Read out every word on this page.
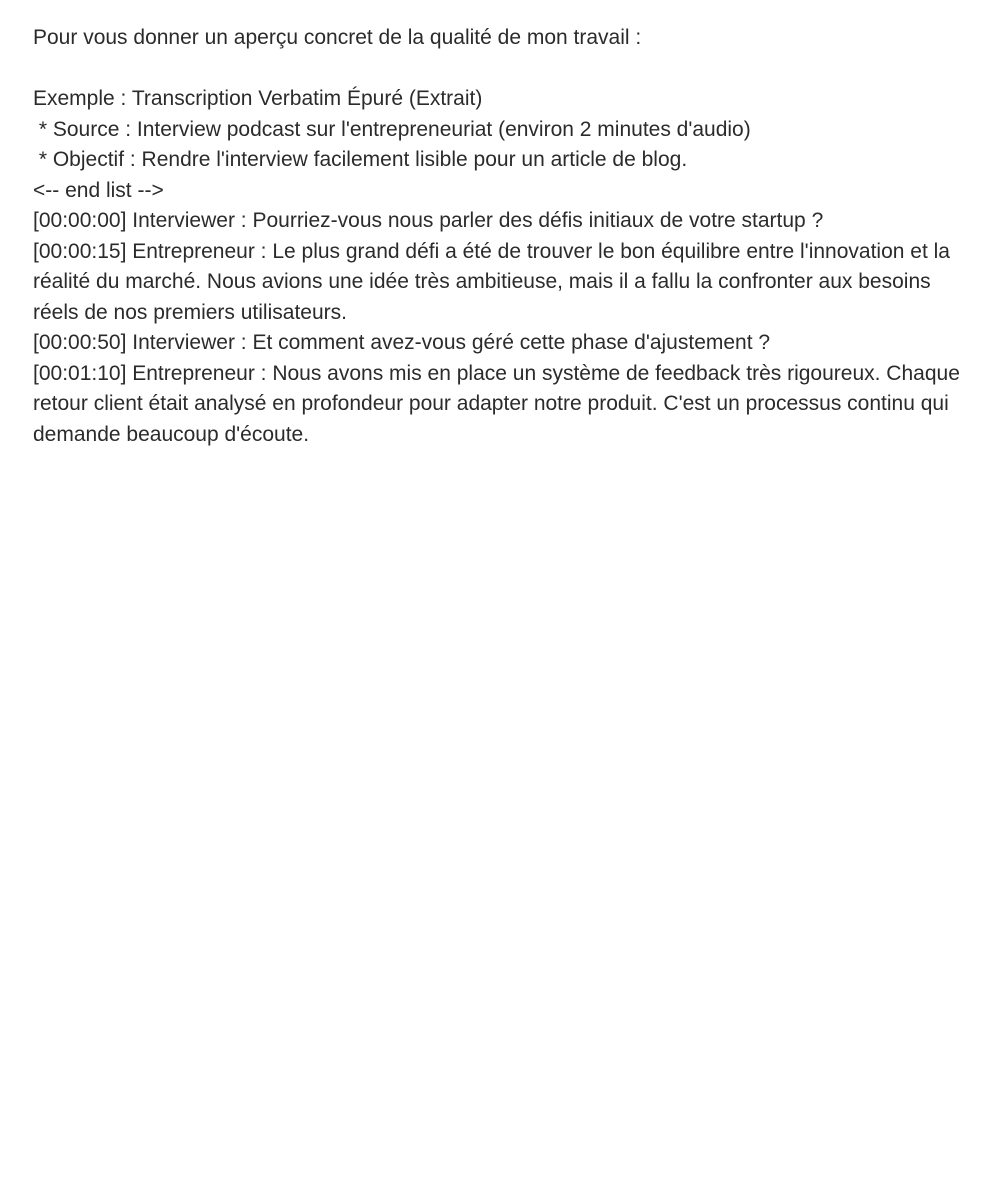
Pour vous donner un aperçu concret de la qualité de mon travail :

Exemple : Transcription Verbatim Épuré (Extrait)

* Source : Interview podcast sur l'entrepreneuriat (environ 2 minutes d'audio)

* Objectif : Rendre l'interview facilement lisible pour un article de blog.

<-- end list -->

[00:00:00] Interviewer : Pourriez-vous nous parler des défis initiaux de votre startup ?

[00:00:15] Entrepreneur : Le plus grand défi a été de trouver le bon équilibre entre l'innovation et la réalité du marché. Nous avions une idée très ambitieuse, mais il a fallu la confronter aux besoins réels de nos premiers utilisateurs.

[00:00:50] Interviewer : Et comment avez-vous géré cette phase d'ajustement ?

[00:01:10] Entrepreneur : Nous avons mis en place un système de feedback très rigoureux. Chaque retour client était analysé en profondeur pour adapter notre produit. C'est un processus continu qui demande beaucoup d'écoute.
